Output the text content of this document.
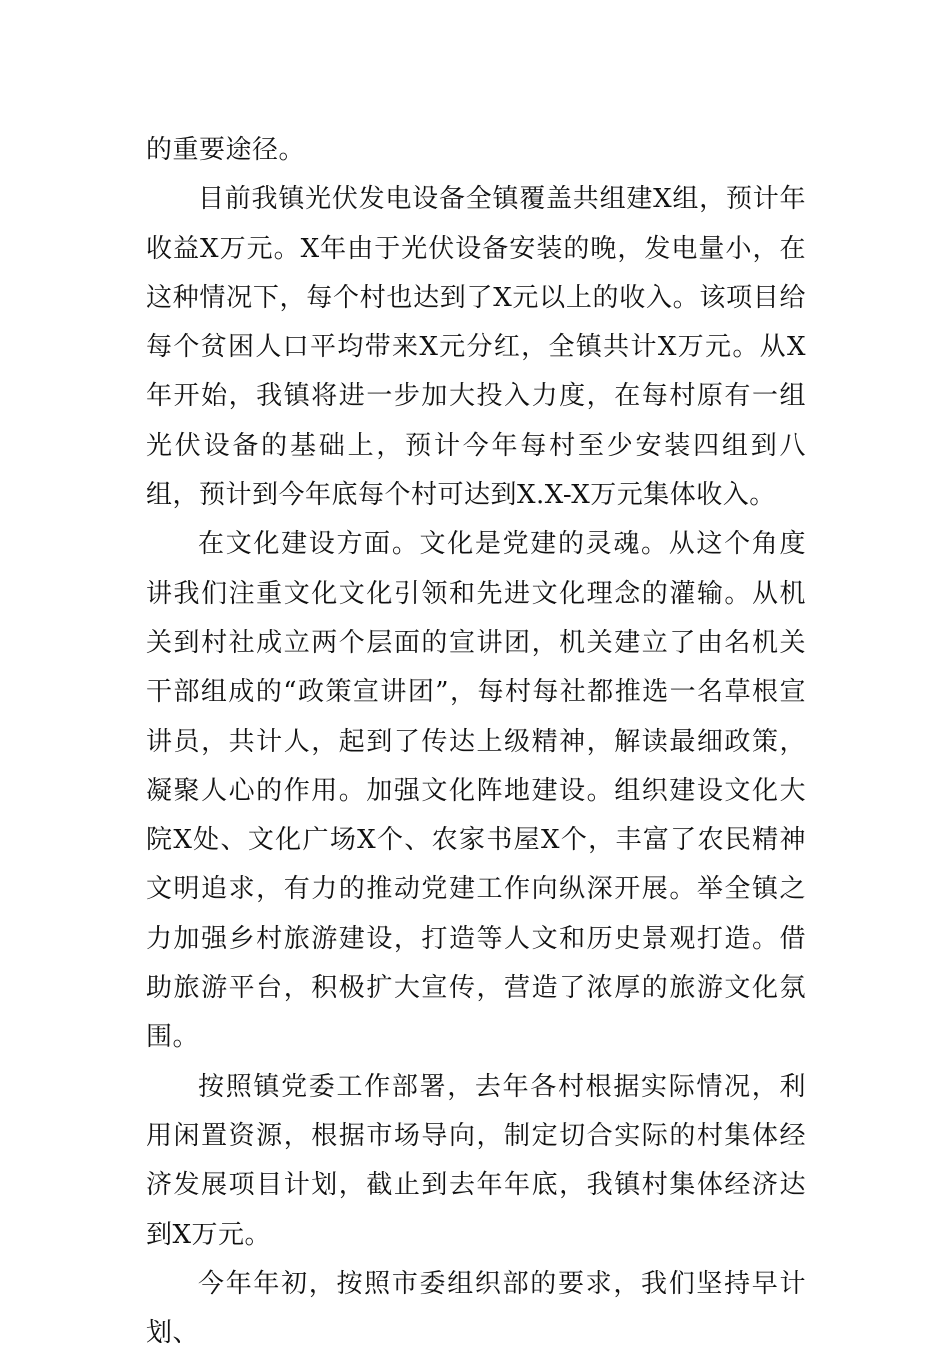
的重要途径。

目前我镇光伏发电设备全镇覆盖共组建X组，预计年收益X万元。X年由于光伏设备安装的晚，发电量小，在这种情况下，每个村也达到了X元以上的收入。该项目给每个贫困人口平均带来X元分红，全镇共计X万元。从X年开始，我镇将进一步加大投入力度，在每村原有一组光伏设备的基础上，预计今年每村至少安装四组到八组，预计到今年底每个村可达到X.X-X万元集体收入。

在文化建设方面。文化是党建的灵魂。从这个角度讲我们注重文化文化引领和先进文化理念的灌输。从机关到村社成立两个层面的宣讲团，机关建立了由名机关干部组成的“政策宣讲团”，每村每社都推选一名草根宣讲员，共计人，起到了传达上级精神，解读最细政策，凝聚人心的作用。加强文化阵地建设。组织建设文化大院X处、文化广场X个、农家书屋X个，丰富了农民精神文明追求，有力的推动党建工作向纵深开展。举全镇之力加强乡村旅游建设，打造等人文和历史景观打造。借助旅游平台，积极扩大宣传，营造了浓厚的旅游文化氛围。

按照镇党委工作部署，去年各村根据实际情况，利用闲置资源，根据市场导向，制定切合实际的村集体经济发展项目计划，截止到去年年底，我镇村集体经济达到X万元。

今年年初，按照市委组织部的要求，我们坚持早计划、
